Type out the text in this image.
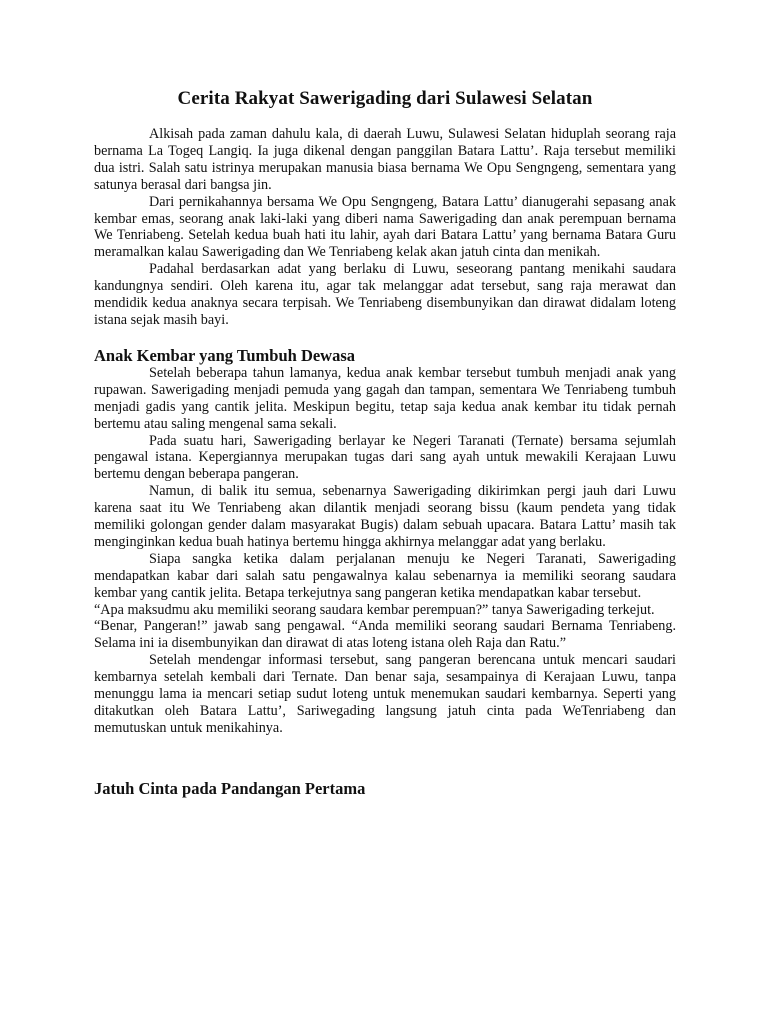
Cerita Rakyat Sawerigading dari Sulawesi Selatan

Alkisah pada zaman dahulu kala, di daerah Luwu, Sulawesi Selatan hiduplah seorang raja bernama La Togeq Langiq. Ia juga dikenal dengan panggilan Batara Lattu’. Raja tersebut memiliki dua istri. Salah satu istrinya merupakan manusia biasa bernama We Opu Sengngeng, sementara yang satunya berasal dari bangsa jin.

Dari pernikahannya bersama We Opu Sengngeng, Batara Lattu’ dianugerahi sepasang anak kembar emas, seorang anak laki-laki yang diberi nama Sawerigading dan anak perempuan bernama We Tenriabeng. Setelah kedua buah hati itu lahir, ayah dari Batara Lattu’ yang bernama Batara Guru meramalkan kalau Sawerigading dan We Tenriabeng kelak akan jatuh cinta dan menikah.

Padahal berdasarkan adat yang berlaku di Luwu, seseorang pantang menikahi saudara kandungnya sendiri. Oleh karena itu, agar tak melanggar adat tersebut, sang raja merawat dan mendidik kedua anaknya secara terpisah. We Tenriabeng disembunyikan dan dirawat didalam loteng istana sejak masih bayi.

Anak Kembar yang Tumbuh Dewasa

Setelah beberapa tahun lamanya, kedua anak kembar tersebut tumbuh menjadi anak yang rupawan. Sawerigading menjadi pemuda yang gagah dan tampan, sementara We Tenriabeng tumbuh menjadi gadis yang cantik jelita. Meskipun begitu, tetap saja kedua anak kembar itu tidak pernah bertemu atau saling mengenal sama sekali.

Pada suatu hari, Sawerigading berlayar ke Negeri Taranati (Ternate) bersama sejumlah pengawal istana. Kepergiannya merupakan tugas dari sang ayah untuk mewakili Kerajaan Luwu bertemu dengan beberapa pangeran.

Namun, di balik itu semua, sebenarnya Sawerigading dikirimkan pergi jauh dari Luwu karena saat itu We Tenriabeng akan dilantik menjadi seorang bissu (kaum pendeta yang tidak memiliki golongan gender dalam masyarakat Bugis) dalam sebuah upacara. Batara Lattu’ masih tak menginginkan kedua buah hatinya bertemu hingga akhirnya melanggar adat yang berlaku.

Siapa sangka ketika dalam perjalanan menuju ke Negeri Taranati, Sawerigading mendapatkan kabar dari salah satu pengawalnya kalau sebenarnya ia memiliki seorang saudara kembar yang cantik jelita. Betapa terkejutnya sang pangeran ketika mendapatkan kabar tersebut.

“Apa maksudmu aku memiliki seorang saudara kembar perempuan?” tanya Sawerigading terkejut.

“Benar, Pangeran!” jawab sang pengawal. “Anda memiliki seorang saudari Bernama Tenriabeng. Selama ini ia disembunyikan dan dirawat di atas loteng istana oleh Raja dan Ratu.”

Setelah mendengar informasi tersebut, sang pangeran berencana untuk mencari saudari kembarnya setelah kembali dari Ternate. Dan benar saja, sesampainya di Kerajaan Luwu, tanpa menunggu lama ia mencari setiap sudut loteng untuk menemukan saudari kembarnya. Seperti yang ditakutkan oleh Batara Lattu’, Sariwegading langsung jatuh cinta pada WeTenriabeng dan memutuskan untuk menikahinya.

Jatuh Cinta pada Pandangan Pertama
